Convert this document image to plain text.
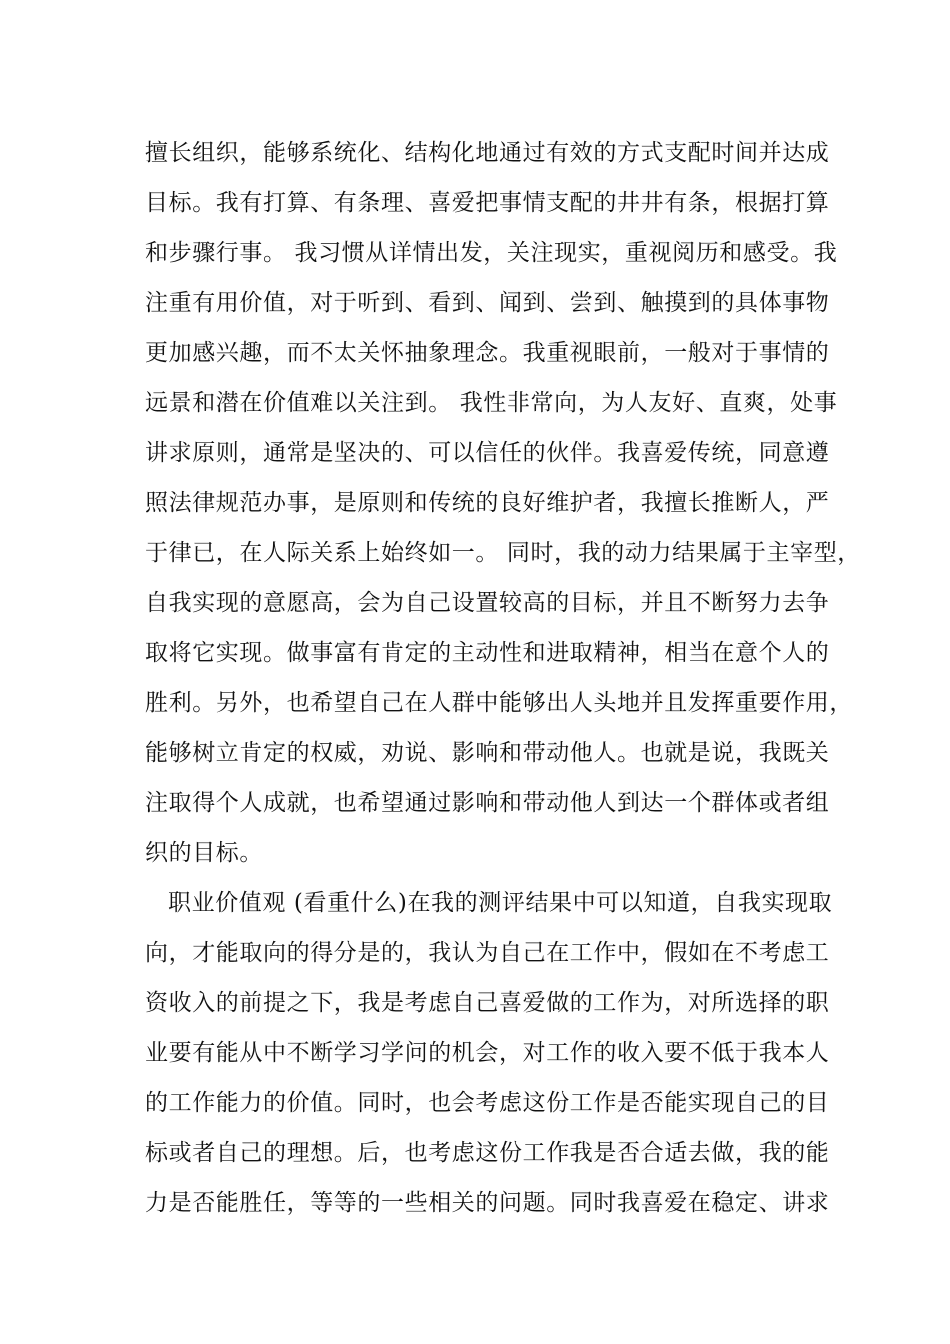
擅长组织，能够系统化、结构化地通过有效的方式支配时间并达成
目标。我有打算、有条理、喜爱把事情支配的井井有条，根据打算
和步骤行事。 我习惯从详情出发，关注现实，重视阅历和感受。我
注重有用价值，对于听到、看到、闻到、尝到、触摸到的具体事物
更加感兴趣，而不太关怀抽象理念。我重视眼前，一般对于事情的
远景和潜在价值难以关注到。 我性非常向，为人友好、直爽，处事
讲求原则，通常是坚决的、可以信任的伙伴。我喜爱传统，同意遵
照法律规范办事，是原则和传统的良好维护者，我擅长推断人，严
于律已，在人际关系上始终如一。 同时，我的动力结果属于主宰型，
自我实现的意愿高，会为自己设置较高的目标，并且不断努力去争
取将它实现。做事富有肯定的主动性和进取精神，相当在意个人的
胜利。另外，也希望自己在人群中能够出人头地并且发挥重要作用，
能够树立肯定的权威，劝说、影响和带动他人。也就是说，我既关
注取得个人成就，也希望通过影响和带动他人到达一个群体或者组
织的目标。
职业价值观 (看重什么)在我的测评结果中可以知道，自我实现取
向，才能取向的得分是的，我认为自己在工作中，假如在不考虑工
资收入的前提之下，我是考虑自己喜爱做的工作为，对所选择的职
业要有能从中不断学习学问的机会，对工作的收入要不低于我本人
的工作能力的价值。同时，也会考虑这份工作是否能实现自己的目
标或者自己的理想。后，也考虑这份工作我是否合适去做，我的能
力是否能胜任，等等的一些相关的问题。同时我喜爱在稳定、讲求
